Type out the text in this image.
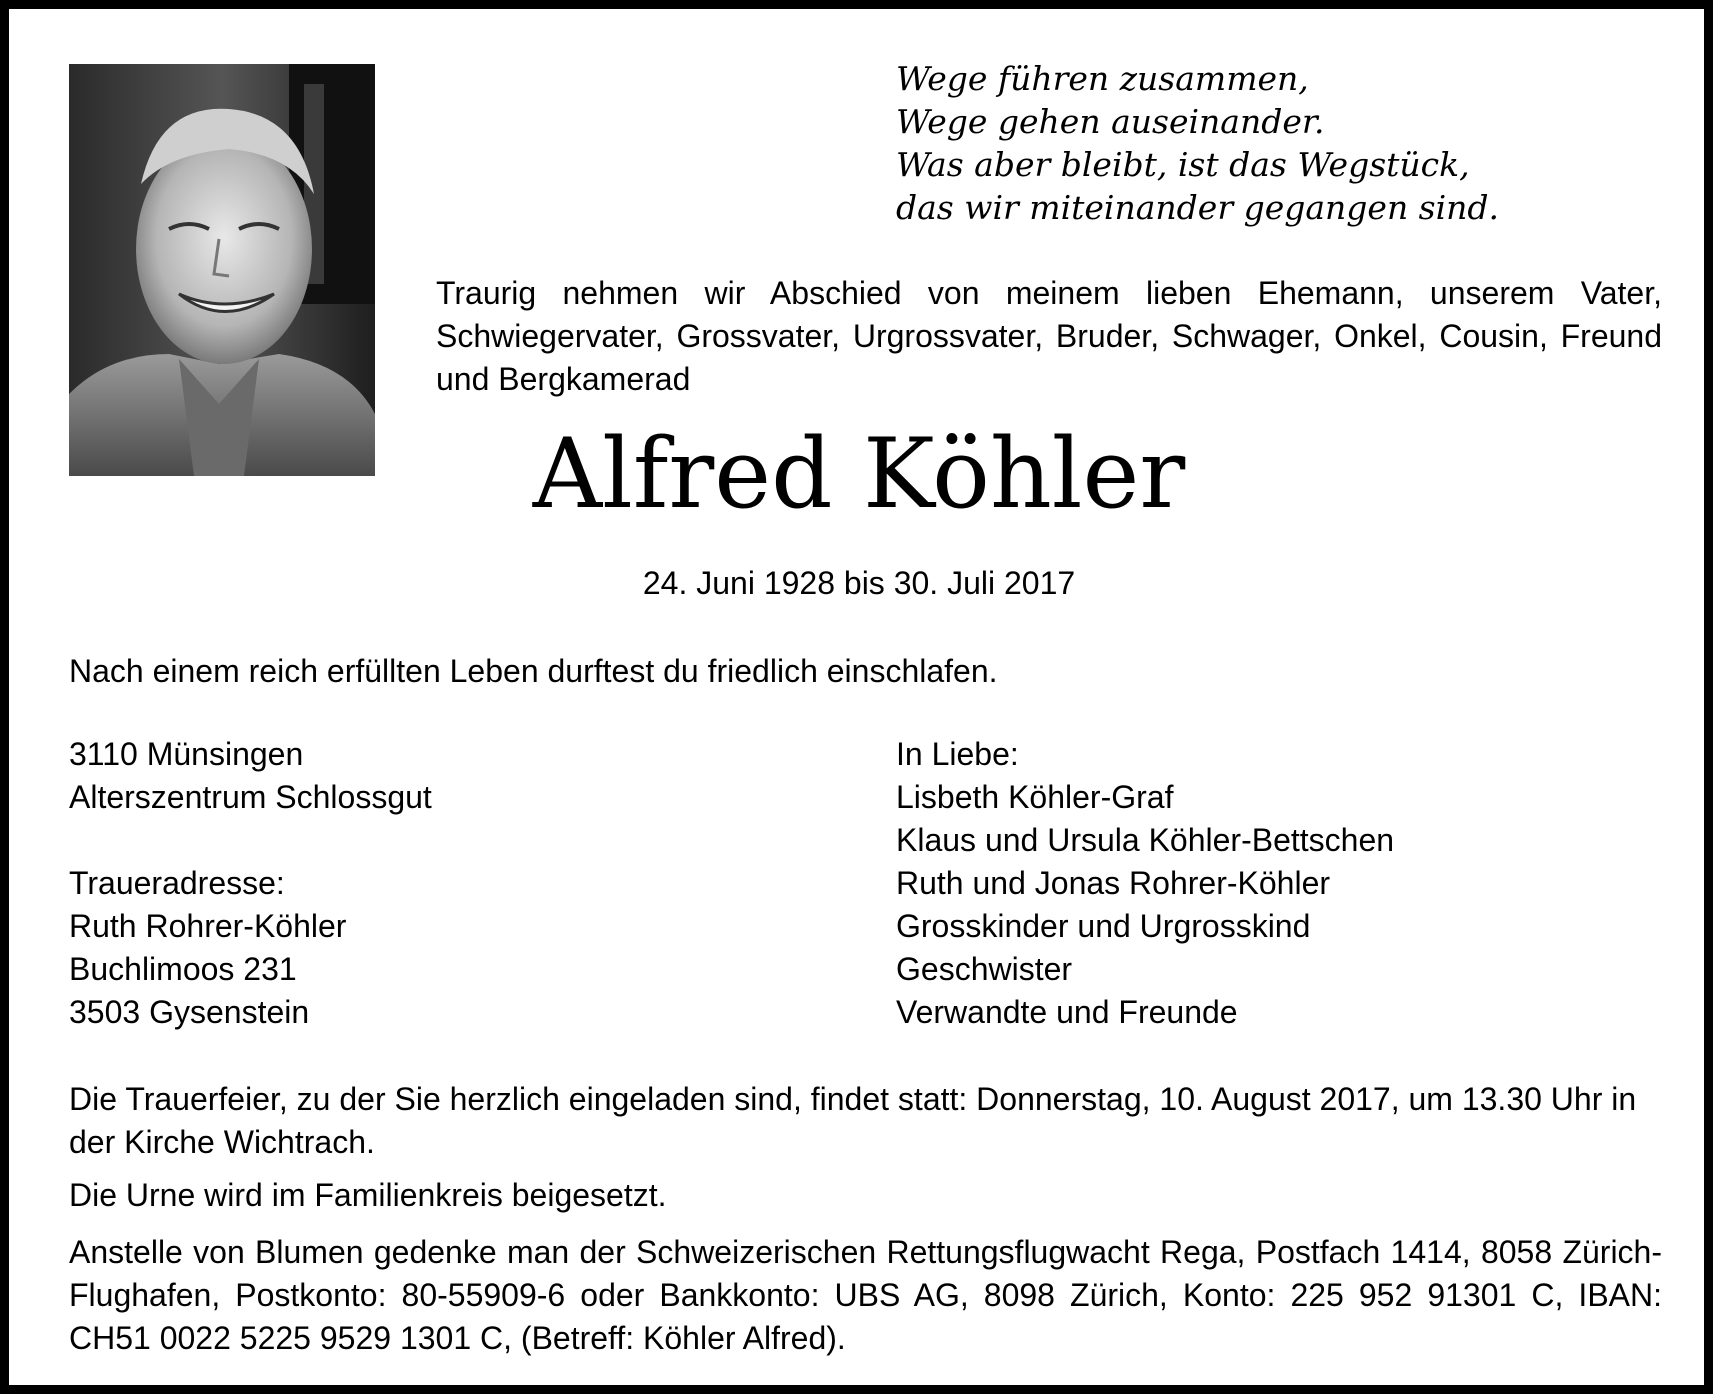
Wege führen zusammen,
Wege gehen auseinander.
Was aber bleibt, ist das Wegstück,
das wir miteinander gegangen sind.
Traurig nehmen wir Abschied von meinem lieben Ehemann, unserem Vater, Schwiegervater, Grossvater, Urgrossvater, Bruder, Schwager, Onkel, Cousin, Freund und Bergkamerad
Alfred Köhler
24. Juni 1928 bis 30. Juli 2017
Nach einem reich erfüllten Leben durftest du friedlich einschlafen.
3110 Münsingen
Alterszentrum Schlossgut
Traueradresse:
Ruth Rohrer-Köhler
Buchlimoos 231
3503 Gysenstein
In Liebe:
Lisbeth Köhler-Graf
Klaus und Ursula Köhler-Bettschen
Ruth und Jonas Rohrer-Köhler
Grosskinder und Urgrosskind
Geschwister
Verwandte und Freunde
Die Trauerfeier, zu der Sie herzlich eingeladen sind, findet statt: Donnerstag, 10. August 2017, um 13.30 Uhr in der Kirche Wichtrach.
Die Urne wird im Familienkreis beigesetzt.
Anstelle von Blumen gedenke man der Schweizerischen Rettungsflugwacht Rega, Postfach 1414, 8058 Zürich-Flughafen, Postkonto: 80-55909-6 oder Bankkonto: UBS AG, 8098 Zürich, Konto: 225 952 91301 C, IBAN: CH51 0022 5225 9529 1301 C, (Betreff: Köhler Alfred).
